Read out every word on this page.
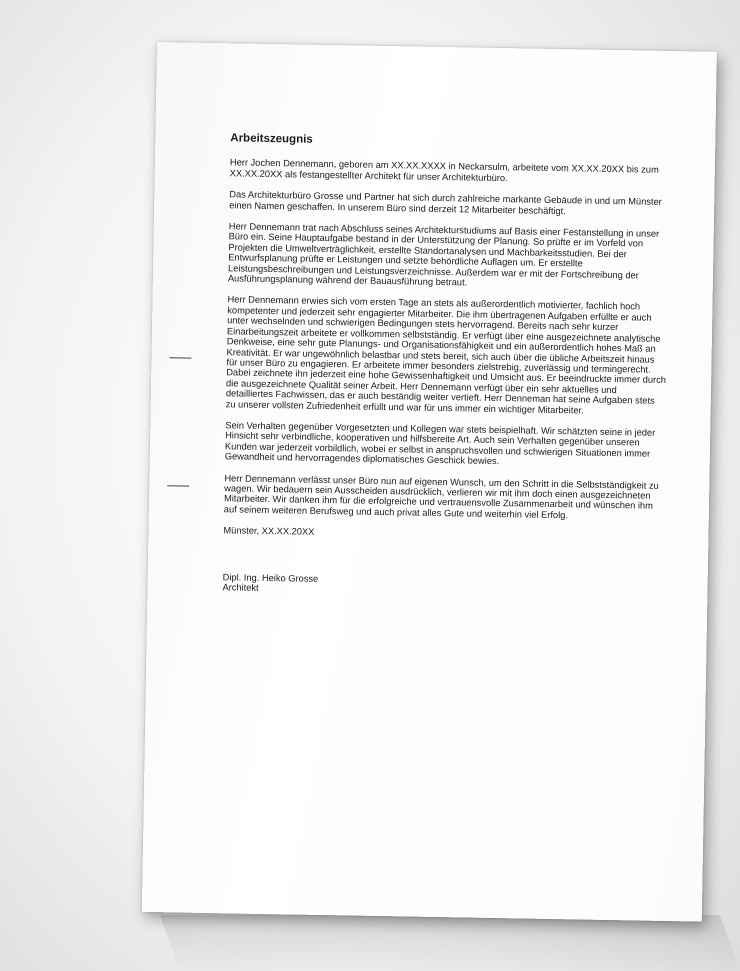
Arbeitszeugnis

Herr Jochen Dennemann, geboren am XX.XX.XXXX in Neckarsulm, arbeitete vom XX.XX.20XX bis zum XX.XX.20XX als festangestellter Architekt für unser Architekturbüro.

Das Architekturbüro Grosse und Partner hat sich durch zahlreiche markante Gebäude in und um Münster einen Namen geschaffen. In unserem Büro sind derzeit 12 Mitarbeiter beschäftigt.

Herr Dennemann trat nach Abschluss seines Architekturstudiums auf Basis einer Festanstellung in unser Büro ein. Seine Hauptaufgabe bestand in der Unterstützung der Planung. So prüfte er im Vorfeld von Projekten die Umweltverträglichkeit, erstellte Standortanalysen und Machbarkeitsstudien. Bei der Entwurfsplanung prüfte er Leistungen und setzte behördliche Auflagen um. Er erstellte Leistungsbeschreibungen und Leistungsverzeichnisse. Außerdem war er mit der Fortschreibung der Ausführungsplanung während der Bauausführung betraut.

Herr Dennemann erwies sich vom ersten Tage an stets als außerordentlich motivierter, fachlich hoch kompetenter und jederzeit sehr engagierter Mitarbeiter. Die ihm übertragenen Aufgaben erfüllte er auch unter wechselnden und schwierigen Bedingungen stets hervorragend. Bereits nach sehr kurzer Einarbeitungszeit arbeitete er vollkommen selbstständig. Er verfügt über eine ausgezeichnete analytische Denkweise, eine sehr gute Planungs- und Organisationsfähigkeit und ein außerordentlich hohes Maß an Kreativität. Er war ungewöhnlich belastbar und stets bereit, sich auch über die übliche Arbeitszeit hinaus für unser Büro zu engagieren. Er arbeitete immer besonders zielstrebig, zuverlässig und termingerecht. Dabei zeichnete ihn jederzeit eine hohe Gewissenhaftigkeit und Umsicht aus. Er beeindruckte immer durch die ausgezeichnete Qualität seiner Arbeit. Herr Dennemann verfügt über ein sehr aktuelles und detailliertes Fachwissen, das er auch beständig weiter vertieft. Herr Denneman hat seine Aufgaben stets zu unserer vollsten Zufriedenheit erfüllt und war für uns immer ein wichtiger Mitarbeiter.

Sein Verhalten gegenüber Vorgesetzten und Kollegen war stets beispielhaft. Wir schätzten seine in jeder Hinsicht sehr verbindliche, kooperativen und hilfsbereite Art. Auch sein Verhalten gegenüber unseren Kunden war jederzeit vorbildlich, wobei er selbst in anspruchsvollen und schwierigen Situationen immer Gewandheit und hervorragendes diplomatisches Geschick bewies.

Herr Dennemann verlässt unser Büro nun auf eigenen Wunsch, um den Schritt in die Selbstständigkeit zu wagen. Wir bedauern sein Ausscheiden ausdrücklich, verlieren wir mit ihm doch einen ausgezeichneten Mitarbeiter. Wir danken ihm für die erfolgreiche und vertrauensvolle Zusammenarbeit und wünschen ihm auf seinem weiteren Berufsweg und auch privat alles Gute und weiterhin viel Erfolg.

Münster, XX.XX.20XX

Dipl. Ing. Heiko Grosse
Architekt
